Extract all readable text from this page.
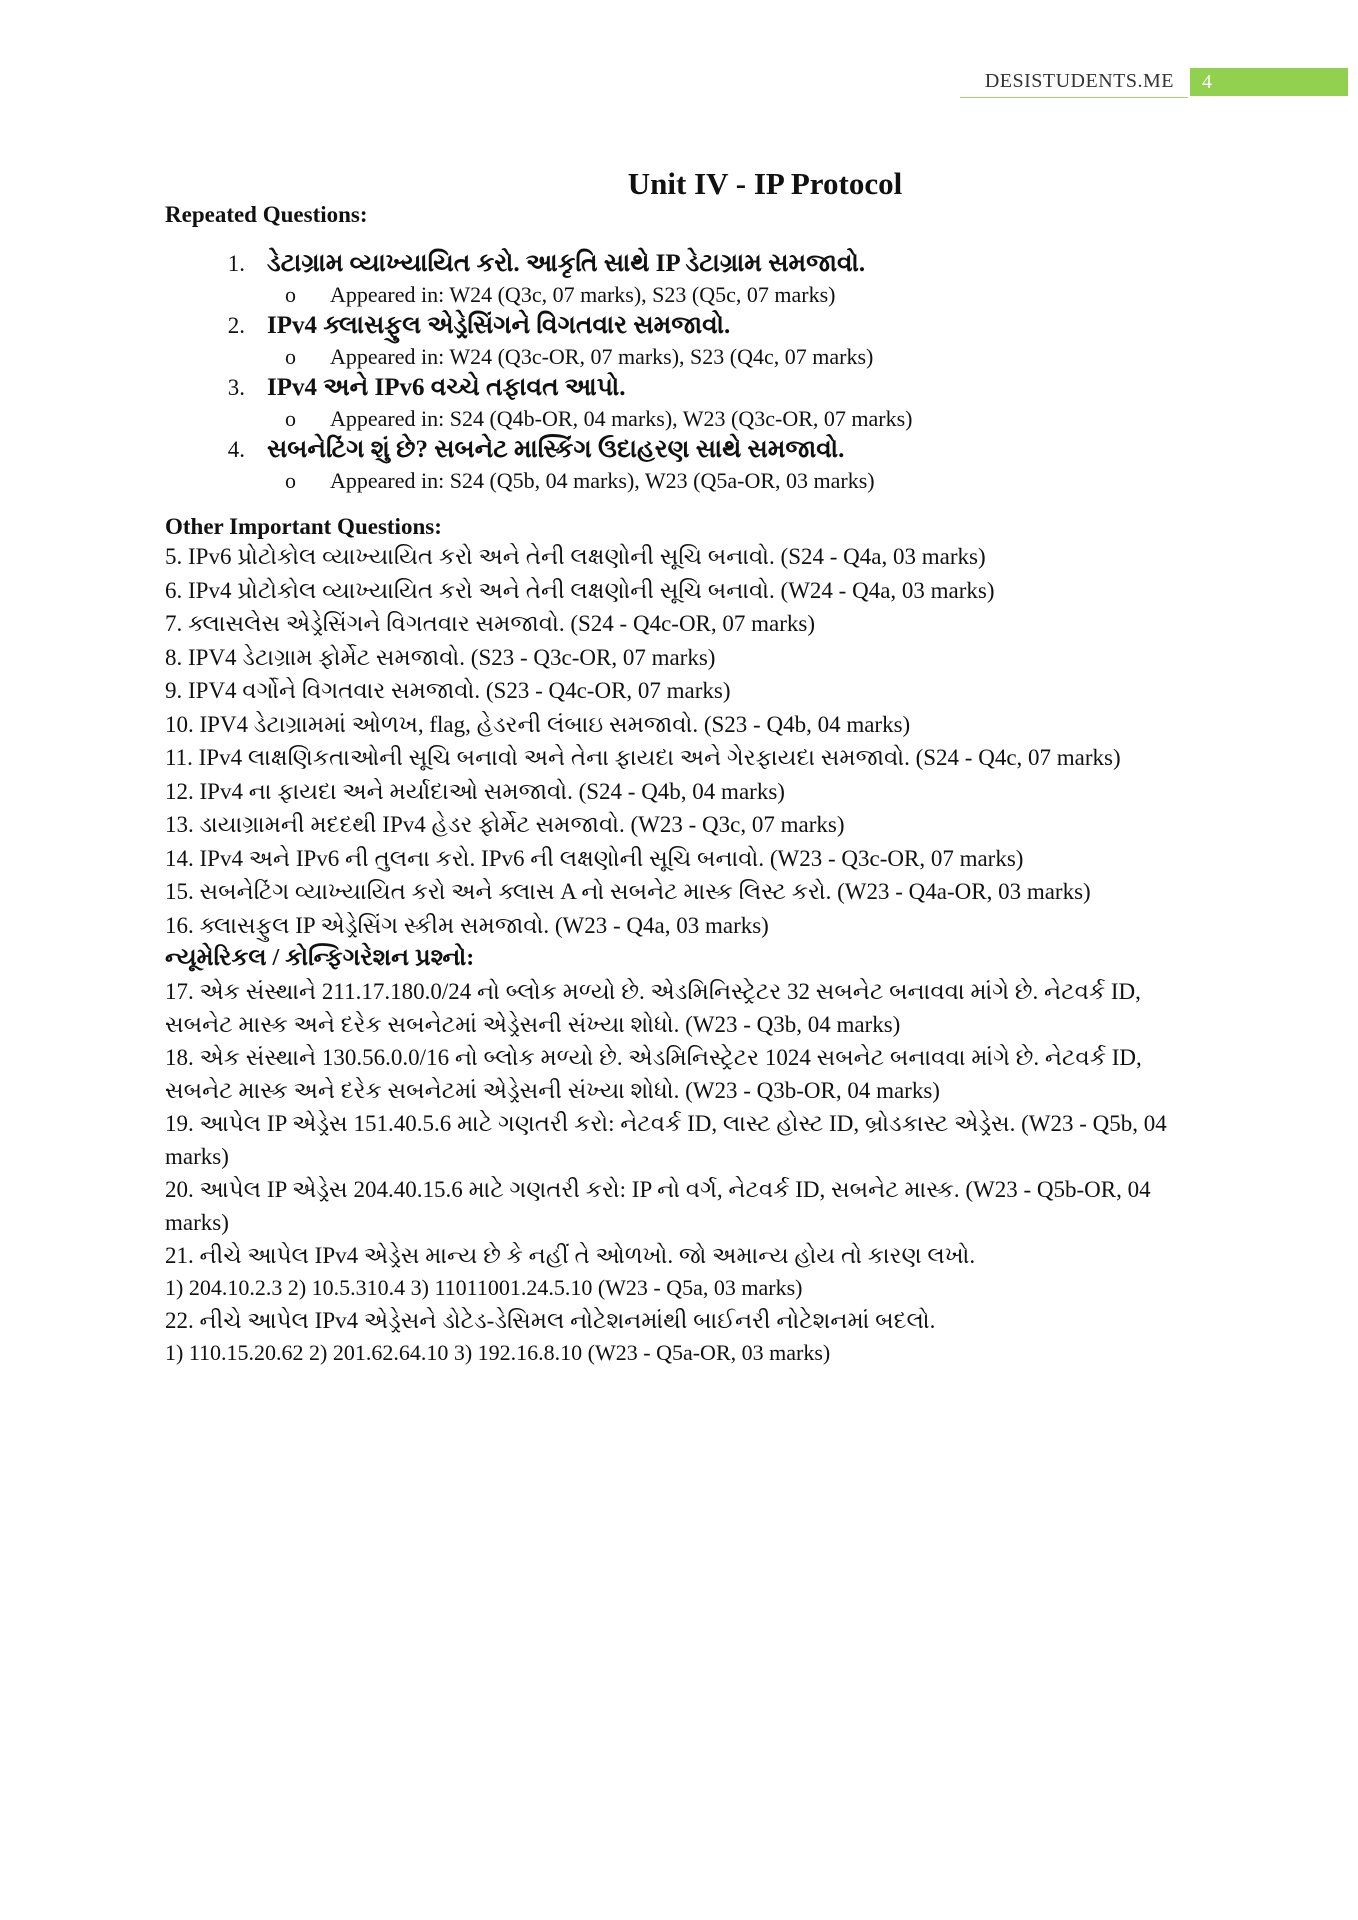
DESISTUDENTS.ME	4
Unit IV - IP Protocol

Repeated Questions:

1. ડેટાગ્રામ વ્યાખ્યાયિત કરો. આકૃતિ સાથે IP ડેટાગ્રામ સમજાવો.
o	Appeared in: W24 (Q3c, 07 marks), S23 (Q5c, 07 marks)
2. IPv4 ક્લાસફુલ એડ્રેસિંગને વિગતવાર સમજાવો.
o	Appeared in: W24 (Q3c-OR, 07 marks), S23 (Q4c, 07 marks)
3. IPv4 અને IPv6 વચ્ચે તફાવત આપો.
o	Appeared in: S24 (Q4b-OR, 04 marks), W23 (Q3c-OR, 07 marks)
4. સબનેટિંગ શું છે? સબનેટ માસ્કિંગ ઉદાહરણ સાથે સમજાવો.
o	Appeared in: S24 (Q5b, 04 marks), W23 (Q5a-OR, 03 marks)

Other Important Questions:

5. IPv6 પ્રોટોકોલ વ્યાખ્યાયિત કરો અને તેની લક્ષણોની સૂચિ બનાવો. (S24 - Q4a, 03 marks)

6. IPv4 પ્રોટોકોલ વ્યાખ્યાયિત કરો અને તેની લક્ષણોની સૂચિ બનાવો. (W24 - Q4a, 03 marks)

7. ક્લાસલેસ એડ્રેસિંગને વિગતવાર સમજાવો. (S24 - Q4c-OR, 07 marks)

8. IPV4 ડેટાગ્રામ ફોર્મેટ સમજાવો. (S23 - Q3c-OR, 07 marks)

9. IPV4 વર્ગોને વિગતવાર સમજાવો. (S23 - Q4c-OR, 07 marks)

10. IPV4 ડેટાગ્રામમાં ઓળખ, flag, હેડરની લંબાઇ સમજાવો. (S23 - Q4b, 04 marks)

11. IPv4 લાક્ષણિકતાઓની સૂચિ બનાવો અને તેના ફાયદા અને ગેરફાયદા સમજાવો. (S24 - Q4c, 07 marks)

12. IPv4 ના ફાયદા અને મર્યાદાઓ સમજાવો. (S24 - Q4b, 04 marks)

13. ડાયાગ્રામની મદદથી IPv4 હેડર ફોર્મેટ સમજાવો. (W23 - Q3c, 07 marks)

14. IPv4 અને IPv6 ની તુલના કરો. IPv6 ની લક્ષણોની સૂચિ બનાવો. (W23 - Q3c-OR, 07 marks)

15. સબનેટિંગ વ્યાખ્યાયિત કરો અને ક્લાસ A નો સબનેટ માસ્ક લિસ્ટ કરો. (W23 - Q4a-OR, 03 marks)

16. ક્લાસફુલ IP એડ્રેસિંગ સ્કીમ સમજાવો. (W23 - Q4a, 03 marks)

ન્યૂમેરિકલ / કોન્ફિગરેશન પ્રશ્નો:

17. એક સંસ્થાને 211.17.180.0/24 નો બ્લોક મળ્યો છે. એડમિનિસ્ટ્રેટર 32 સબનેટ બનાવવા માંગે છે. નેટવર્ક ID, સબનેટ માસ્ક અને દરેક સબનેટમાં એડ્રેસની સંખ્યા શોધો. (W23 - Q3b, 04 marks)
18. એક સંસ્થાને 130.56.0.0/16 નો બ્લોક મળ્યો છે. એડમિનિસ્ટ્રેટર 1024 સબનેટ બનાવવા માંગે છે. નેટવર્ક ID, સબનેટ માસ્ક અને દરેક સબનેટમાં એડ્રેસની સંખ્યા શોધો. (W23 - Q3b-OR, 04 marks)
19. આપેલ IP એડ્રેસ 151.40.5.6 માટે ગણતરી કરો: નેટવર્ક ID, લાસ્ટ હોસ્ટ ID, બ્રોડકાસ્ટ એડ્રેસ. (W23 - Q5b, 04 marks)
20. આપેલ IP એડ્રેસ 204.40.15.6 માટે ગણતરી કરો: IP નો વર્ગ, નેટવર્ક ID, સબનેટ માસ્ક. (W23 - Q5b-OR, 04 marks)
21. નીચે આપેલ IPv4 એડ્રેસ માન્ય છે કે નહીં તે ઓળખો. જો અમાન્ય હોય તો કારણ લખો.
1) 204.10.2.3 2) 10.5.310.4 3) 11011001.24.5.10 (W23 - Q5a, 03 marks)
22. નીચે આપેલ IPv4 એડ્રેસને ડોટેડ-ડેસિમલ નોટેશનમાંથી બાઈનરી નોટેશનમાં બદલો.
1) 110.15.20.62 2) 201.62.64.10 3) 192.16.8.10 (W23 - Q5a-OR, 03 marks)
